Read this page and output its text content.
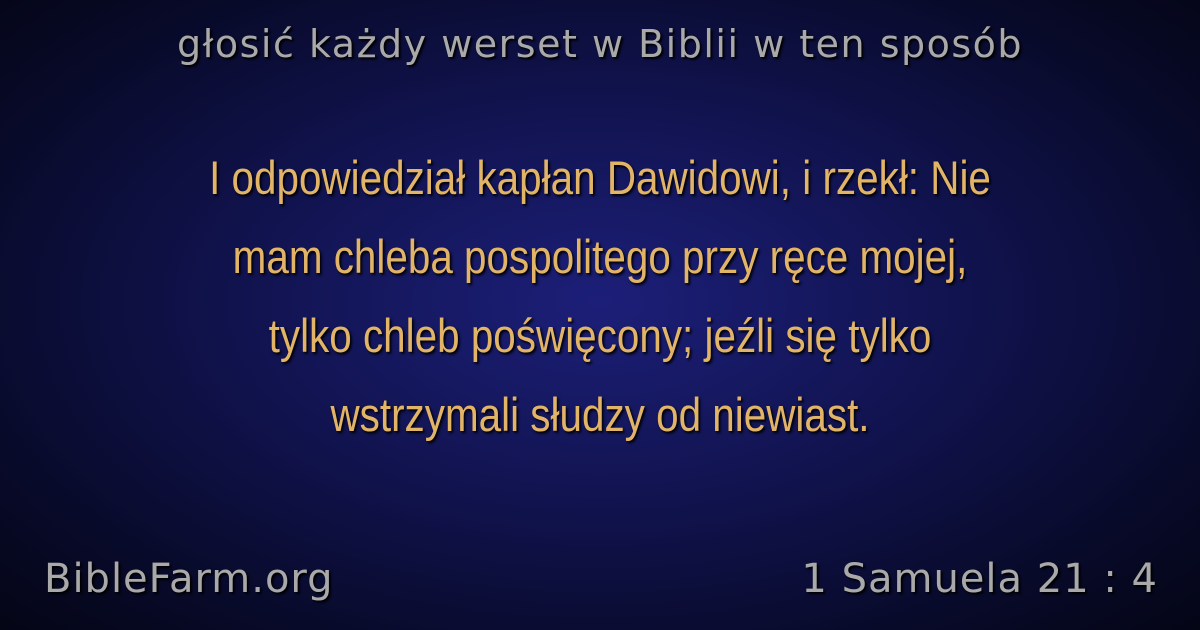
głosić każdy werset w Biblii w ten sposób
I odpowiedział kapłan Dawidowi, i rzekł: Nie
mam chleba pospolitego przy ręce mojej,
tylko chleb poświęcony; jeźli się tylko
wstrzymali słudzy od niewiast.
BibleFarm.org	1 Samuela 21 : 4
